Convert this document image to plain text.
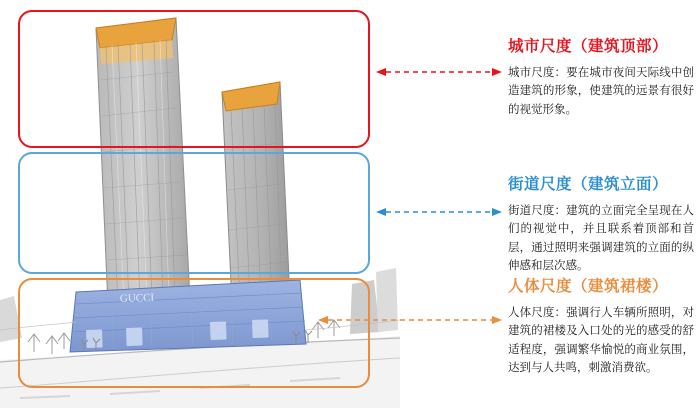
GUCCI
城市尺度（建筑顶部）

城市尺度：要在城市夜间天际线中创造建筑的形象，使建筑的远景有很好的视觉形象。

街道尺度（建筑立面）

街道尺度：建筑的立面完全呈现在人们的视觉中，并且联系着顶部和首层，通过照明来强调建筑的立面的纵伸感和层次感。

人体尺度（建筑裙楼）

人体尺度：强调行人车辆所照明，对建筑的裙楼及入口处的光的感受的舒适程度，强调繁华愉悦的商业氛围，达到与人共鸣，刺激消费欲。
